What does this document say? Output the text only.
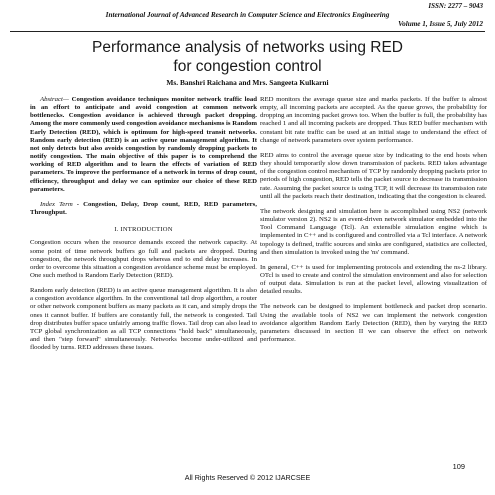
ISSN: 2277 – 9043
International Journal of Advanced Research in Computer Science and Electronics Engineering
Volume 1, Issue 5, July 2012
Performance analysis of networks using RED
for congestion control
Ms. Banshri Raichana and Mrs. Sangeeta Kulkarni

Abstract— Congestion avoidance techniques monitor network traffic load in an effort to anticipate and avoid congestion at common network bottlenecks. Congestion avoidance is achieved through packet dropping. Among the more commonly used congestion avoidance mechanisms is Random Early Detection (RED), which is optimum for high-speed transit networks. Random early detection (RED) is an active queue management algorithm. It not only detects but also avoids congestion by randomly dropping packets to notify congestion. The main objective of this paper is to comprehend the working of RED algorithm and to learn the effects of variation of RED parameters. To improve the performance of a network in terms of drop count, efficiency, throughput and delay we can optimize our choice of these RED parameters.

Index Term - Congestion, Delay, Drop count, RED, RED parameters, Throughput.

I. INTRODUCTION

Congestion occurs when the resource demands exceed the network capacity. At some point of time network buffers go full and packets are dropped. During congestion, the network throughput drops whereas end to end delay increases. In order to overcome this situation a congestion avoidance scheme must be employed. One such method is Random Early Detection (RED).

Random early detection (RED) is an active queue management algorithm. It is also a congestion avoidance algorithm. In the conventional tail drop algorithm, a router or other network component buffers as many packets as it can, and simply drops the ones it cannot buffer. If buffers are constantly full, the network is congested. Tail drop distributes buffer space unfairly among traffic flows. Tail drop can also lead to TCP global synchronization as all TCP connections "hold back" simultaneously, and then "step forward" simultaneously. Networks become under-utilized and flooded by turns. RED addresses these issues.

RED monitors the average queue size and marks packets. If the buffer is almost empty, all incoming packets are accepted. As the queue grows, the probability for dropping an incoming packet grows too. When the buffer is full, the probability has reached 1 and all incoming packets are dropped. Thus RED buffer mechanism with constant bit rate traffic can be used at an initial stage to understand the effect of change of network parameters over system performance.

RED aims to control the average queue size by indicating to the end hosts when they should temporarily slow down transmission of packets. RED takes advantage of the congestion control mechanism of TCP by randomly dropping packets prior to periods of high congestion, RED tells the packet source to decrease its transmission rate. Assuming the packet source is using TCP, it will decrease its transmission rate until all the packets reach their destination, indicating that the congestion is cleared.

The network designing and simulation here is accomplished using NS2 (network simulator version 2). NS2 is an event-driven network simulator embedded into the Tool Command Language (Tcl). An extensible simulation engine which is implemented in C++ and is configured and controlled via a Tcl interface. A network topology is defined, traffic sources and sinks are configured, statistics are collected, and then simulation is invoked using the 'ns' command.

In general, C++ is used for implementing protocols and extending the ns-2 library. OTcl is used to create and control the simulation environment and also for selection of output data. Simulation is run at the packet level, allowing visualization of detailed results.

The network can be designed to implement bottleneck and packet drop scenario. Using the available tools of NS2 we can implement the network congestion avoidance algorithm Random Early Detection (RED), then by varying the RED parameters discussed in section II we can observe the effect on network performance.

109
All Rights Reserved © 2012 IJARCSEE
